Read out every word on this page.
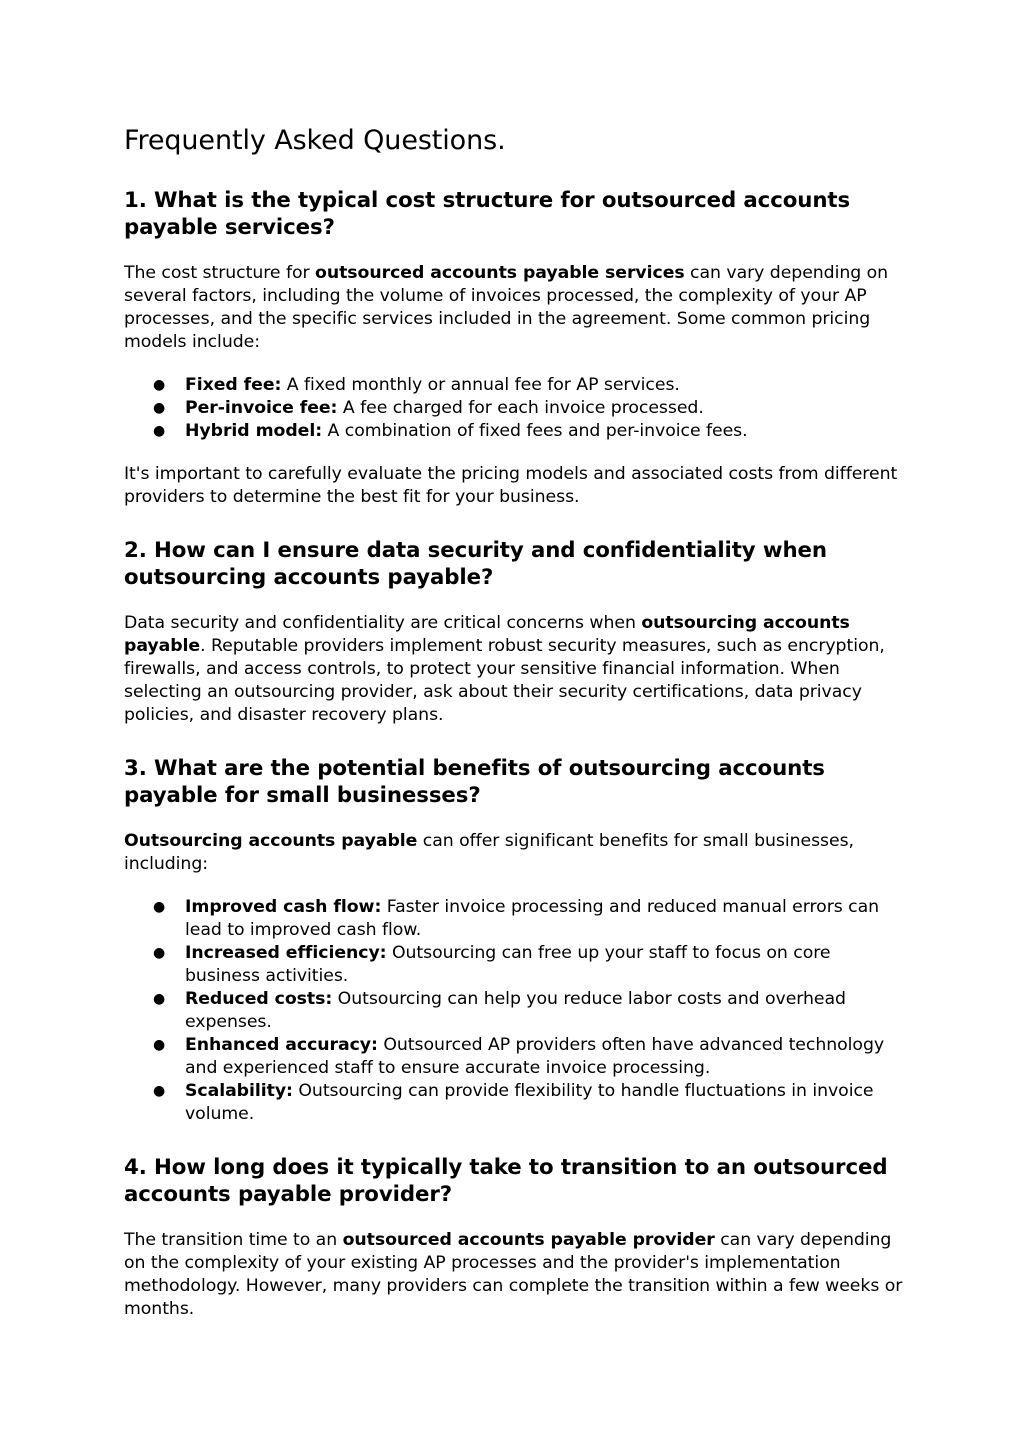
Frequently Asked Questions.
1. What is the typical cost structure for outsourced accounts payable services?

The cost structure for outsourced accounts payable services can vary depending on several factors, including the volume of invoices processed, the complexity of your AP processes, and the specific services included in the agreement. Some common pricing models include:

● Fixed fee: A fixed monthly or annual fee for AP services.
● Per-invoice fee: A fee charged for each invoice processed.
● Hybrid model: A combination of fixed fees and per-invoice fees.

It's important to carefully evaluate the pricing models and associated costs from different providers to determine the best fit for your business.

2. How can I ensure data security and confidentiality when outsourcing accounts payable?

Data security and confidentiality are critical concerns when outsourcing accounts payable. Reputable providers implement robust security measures, such as encryption, firewalls, and access controls, to protect your sensitive financial information. When selecting an outsourcing provider, ask about their security certifications, data privacy policies, and disaster recovery plans.

3. What are the potential benefits of outsourcing accounts payable for small businesses?

Outsourcing accounts payable can offer significant benefits for small businesses, including:

● Improved cash flow: Faster invoice processing and reduced manual errors can lead to improved cash flow.
● Increased efficiency: Outsourcing can free up your staff to focus on core business activities.
● Reduced costs: Outsourcing can help you reduce labor costs and overhead expenses.
● Enhanced accuracy: Outsourced AP providers often have advanced technology and experienced staff to ensure accurate invoice processing.
● Scalability: Outsourcing can provide flexibility to handle fluctuations in invoice volume.
4. How long does it typically take to transition to an outsourced accounts payable provider?

The transition time to an outsourced accounts payable provider can vary depending on the complexity of your existing AP processes and the provider's implementation methodology. However, many providers can complete the transition within a few weeks or months.
